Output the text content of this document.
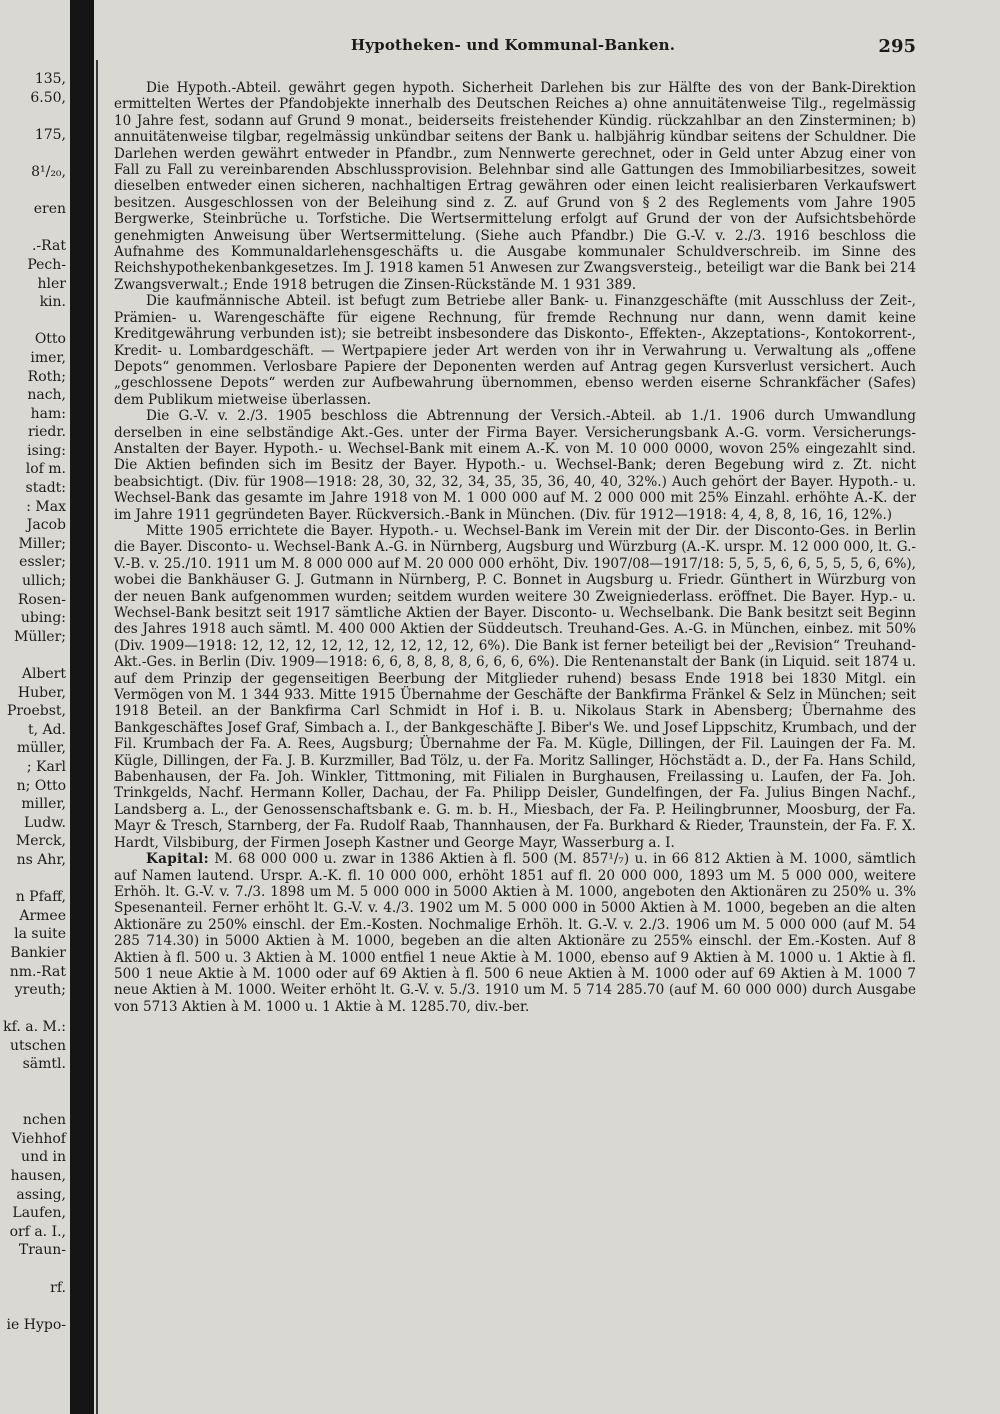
135,
6.50,

175,

8¹/₂₀,

eren

.-Rat
Pech-
hler
kin.

Otto
imer,
Roth;
nach,
ham:
riedr.
ising:
lof m.
stadt:
: Max
Jacob
Miller;
essler;
ullich;
Rosen-
ubing:
Müller;

Albert
Huber,
Proebst,
t, Ad.
müller,
; Karl
n; Otto
miller,
Ludw.
Merck,
ns Ahr,

n Pfaff,
Armee
la suite
Bankier
nm.-Rat
yreuth;

kf. a. M.:
utschen
sämtl.

nchen
Viehhof
und in
hausen,
assing,
Laufen,
orf a. I.,
Traun-

rf.

ie Hypo-
Hypotheken- und Kommunal-Banken.	295

Die Hypoth.-Abteil. gewährt gegen hypoth. Sicherheit Darlehen bis zur Hälfte des von der Bank-Direktion ermittelten Wertes der Pfandobjekte innerhalb des Deutschen Reiches a) ohne annuitätenweise Tilg., regelmässig 10 Jahre fest, sodann auf Grund 9 monat., beiderseits freistehender Kündig. rückzahlbar an den Zinsterminen; b) annuitätenweise tilgbar, regelmässig unkündbar seitens der Bank u. halbjährig kündbar seitens der Schuldner. Die Darlehen werden gewährt entweder in Pfandbr., zum Nennwerte gerechnet, oder in Geld unter Abzug einer von Fall zu Fall zu vereinbarenden Abschlussprovision. Belehnbar sind alle Gattungen des Immobiliarbesitzes, soweit dieselben entweder einen sicheren, nachhaltigen Ertrag gewähren oder einen leicht realisierbaren Verkaufswert besitzen. Ausgeschlossen von der Beleihung sind z. Z. auf Grund von § 2 des Reglements vom Jahre 1905 Bergwerke, Steinbrüche u. Torfstiche. Die Wertsermittelung erfolgt auf Grund der von der Aufsichtsbehörde genehmigten Anweisung über Wertsermittelung. (Siehe auch Pfandbr.) Die G.-V. v. 2./3. 1916 beschloss die Aufnahme des Kommunaldarlehensgeschäfts u. die Ausgabe kommunaler Schuldverschreib. im Sinne des Reichshypothekenbankgesetzes. Im J. 1918 kamen 51 Anwesen zur Zwangsversteig., beteiligt war die Bank bei 214 Zwangsverwalt.; Ende 1918 betrugen die Zinsen-Rückstände M. 1 931 389.

Die kaufmännische Abteil. ist befugt zum Betriebe aller Bank- u. Finanzgeschäfte (mit Ausschluss der Zeit-, Prämien- u. Warengeschäfte für eigene Rechnung, für fremde Rechnung nur dann, wenn damit keine Kreditgewährung verbunden ist); sie betreibt insbesondere das Diskonto-, Effekten-, Akzeptations-, Kontokorrent-, Kredit- u. Lombardgeschäft. — Wertpapiere jeder Art werden von ihr in Verwahrung u. Verwaltung als „offene Depots“ genommen. Verlosbare Papiere der Deponenten werden auf Antrag gegen Kursverlust versichert. Auch „geschlossene Depots“ werden zur Aufbewahrung übernommen, ebenso werden eiserne Schrankfächer (Safes) dem Publikum mietweise überlassen.

Die G.-V. v. 2./3. 1905 beschloss die Abtrennung der Versich.-Abteil. ab 1./1. 1906 durch Umwandlung derselben in eine selbständige Akt.-Ges. unter der Firma Bayer. Versicherungsbank A.-G. vorm. Versicherungs-Anstalten der Bayer. Hypoth.- u. Wechsel-Bank mit einem A.-K. von M. 10 000 0000, wovon 25% eingezahlt sind. Die Aktien befinden sich im Besitz der Bayer. Hypoth.- u. Wechsel-Bank; deren Begebung wird z. Zt. nicht beabsichtigt. (Div. für 1908—1918: 28, 30, 32, 32, 34, 35, 35, 36, 40, 40, 32%.) Auch gehört der Bayer. Hypoth.- u. Wechsel-Bank das gesamte im Jahre 1918 von M. 1 000 000 auf M. 2 000 000 mit 25% Einzahl. erhöhte A.-K. der im Jahre 1911 gegründeten Bayer. Rückversich.-Bank in München. (Div. für 1912—1918: 4, 4, 8, 8, 16, 16, 12%.)

Mitte 1905 errichtete die Bayer. Hypoth.- u. Wechsel-Bank im Verein mit der Dir. der Disconto-Ges. in Berlin die Bayer. Disconto- u. Wechsel-Bank A.-G. in Nürnberg, Augsburg und Würzburg (A.-K. urspr. M. 12 000 000, lt. G.-V.-B. v. 25./10. 1911 um M. 8 000 000 auf M. 20 000 000 erhöht, Div. 1907/08—1917/18: 5, 5, 5, 6, 6, 5, 5, 5, 6, 6%), wobei die Bankhäuser G. J. Gutmann in Nürnberg, P. C. Bonnet in Augsburg u. Friedr. Günthert in Würzburg von der neuen Bank aufgenommen wurden; seitdem wurden weitere 30 Zweigniederlass. eröffnet. Die Bayer. Hyp.- u. Wechsel-Bank besitzt seit 1917 sämtliche Aktien der Bayer. Disconto- u. Wechselbank. Die Bank besitzt seit Beginn des Jahres 1918 auch sämtl. M. 400 000 Aktien der Süddeutsch. Treuhand-Ges. A.-G. in München, einbez. mit 50% (Div. 1909—1918: 12, 12, 12, 12, 12, 12, 12, 12, 12, 6%). Die Bank ist ferner beteiligt bei der „Revision“ Treuhand-Akt.-Ges. in Berlin (Div. 1909—1918: 6, 6, 8, 8, 8, 8, 6, 6, 6, 6%). Die Rentenanstalt der Bank (in Liquid. seit 1874 u. auf dem Prinzip der gegenseitigen Beerbung der Mitglieder ruhend) besass Ende 1918 bei 1830 Mitgl. ein Vermögen von M. 1 344 933. Mitte 1915 Übernahme der Geschäfte der Bankfirma Fränkel & Selz in München; seit 1918 Beteil. an der Bankfirma Carl Schmidt in Hof i. B. u. Nikolaus Stark in Abensberg; Übernahme des Bankgeschäftes Josef Graf, Simbach a. I., der Bankgeschäfte J. Biber's We. und Josef Lippschitz, Krumbach, und der Fil. Krumbach der Fa. A. Rees, Augsburg; Übernahme der Fa. M. Kügle, Dillingen, der Fil. Lauingen der Fa. M. Kügle, Dillingen, der Fa. J. B. Kurzmiller, Bad Tölz, u. der Fa. Moritz Sallinger, Höchstädt a. D., der Fa. Hans Schild, Babenhausen, der Fa. Joh. Winkler, Tittmoning, mit Filialen in Burghausen, Freilassing u. Laufen, der Fa. Joh. Trinkgelds, Nachf. Hermann Koller, Dachau, der Fa. Philipp Deisler, Gundelfingen, der Fa. Julius Bingen Nachf., Landsberg a. L., der Genossenschaftsbank e. G. m. b. H., Miesbach, der Fa. P. Heilingbrunner, Moosburg, der Fa. Mayr & Tresch, Starnberg, der Fa. Rudolf Raab, Thannhausen, der Fa. Burkhard & Rieder, Traunstein, der Fa. F. X. Hardt, Vilsbiburg, der Firmen Joseph Kastner und George Mayr, Wasserburg a. I.

Kapital: M. 68 000 000 u. zwar in 1386 Aktien à fl. 500 (M. 857¹/₇) u. in 66 812 Aktien à M. 1000, sämtlich auf Namen lautend. Urspr. A.-K. fl. 10 000 000, erhöht 1851 auf fl. 20 000 000, 1893 um M. 5 000 000, weitere Erhöh. lt. G.-V. v. 7./3. 1898 um M. 5 000 000 in 5000 Aktien à M. 1000, angeboten den Aktionären zu 250% u. 3% Spesenanteil. Ferner erhöht lt. G.-V. v. 4./3. 1902 um M. 5 000 000 in 5000 Aktien à M. 1000, begeben an die alten Aktionäre zu 250% einschl. der Em.-Kosten. Nochmalige Erhöh. lt. G.-V. v. 2./3. 1906 um M. 5 000 000 (auf M. 54 285 714.30) in 5000 Aktien à M. 1000, begeben an die alten Aktionäre zu 255% einschl. der Em.-Kosten. Auf 8 Aktien à fl. 500 u. 3 Aktien à M. 1000 entfiel 1 neue Aktie à M. 1000, ebenso auf 9 Aktien à M. 1000 u. 1 Aktie à fl. 500 1 neue Aktie à M. 1000 oder auf 69 Aktien à fl. 500 6 neue Aktien à M. 1000 oder auf 69 Aktien à M. 1000 7 neue Aktien à M. 1000. Weiter erhöht lt. G.-V. v. 5./3. 1910 um M. 5 714 285.70 (auf M. 60 000 000) durch Ausgabe von 5713 Aktien à M. 1000 u. 1 Aktie à M. 1285.70, div.-ber.
